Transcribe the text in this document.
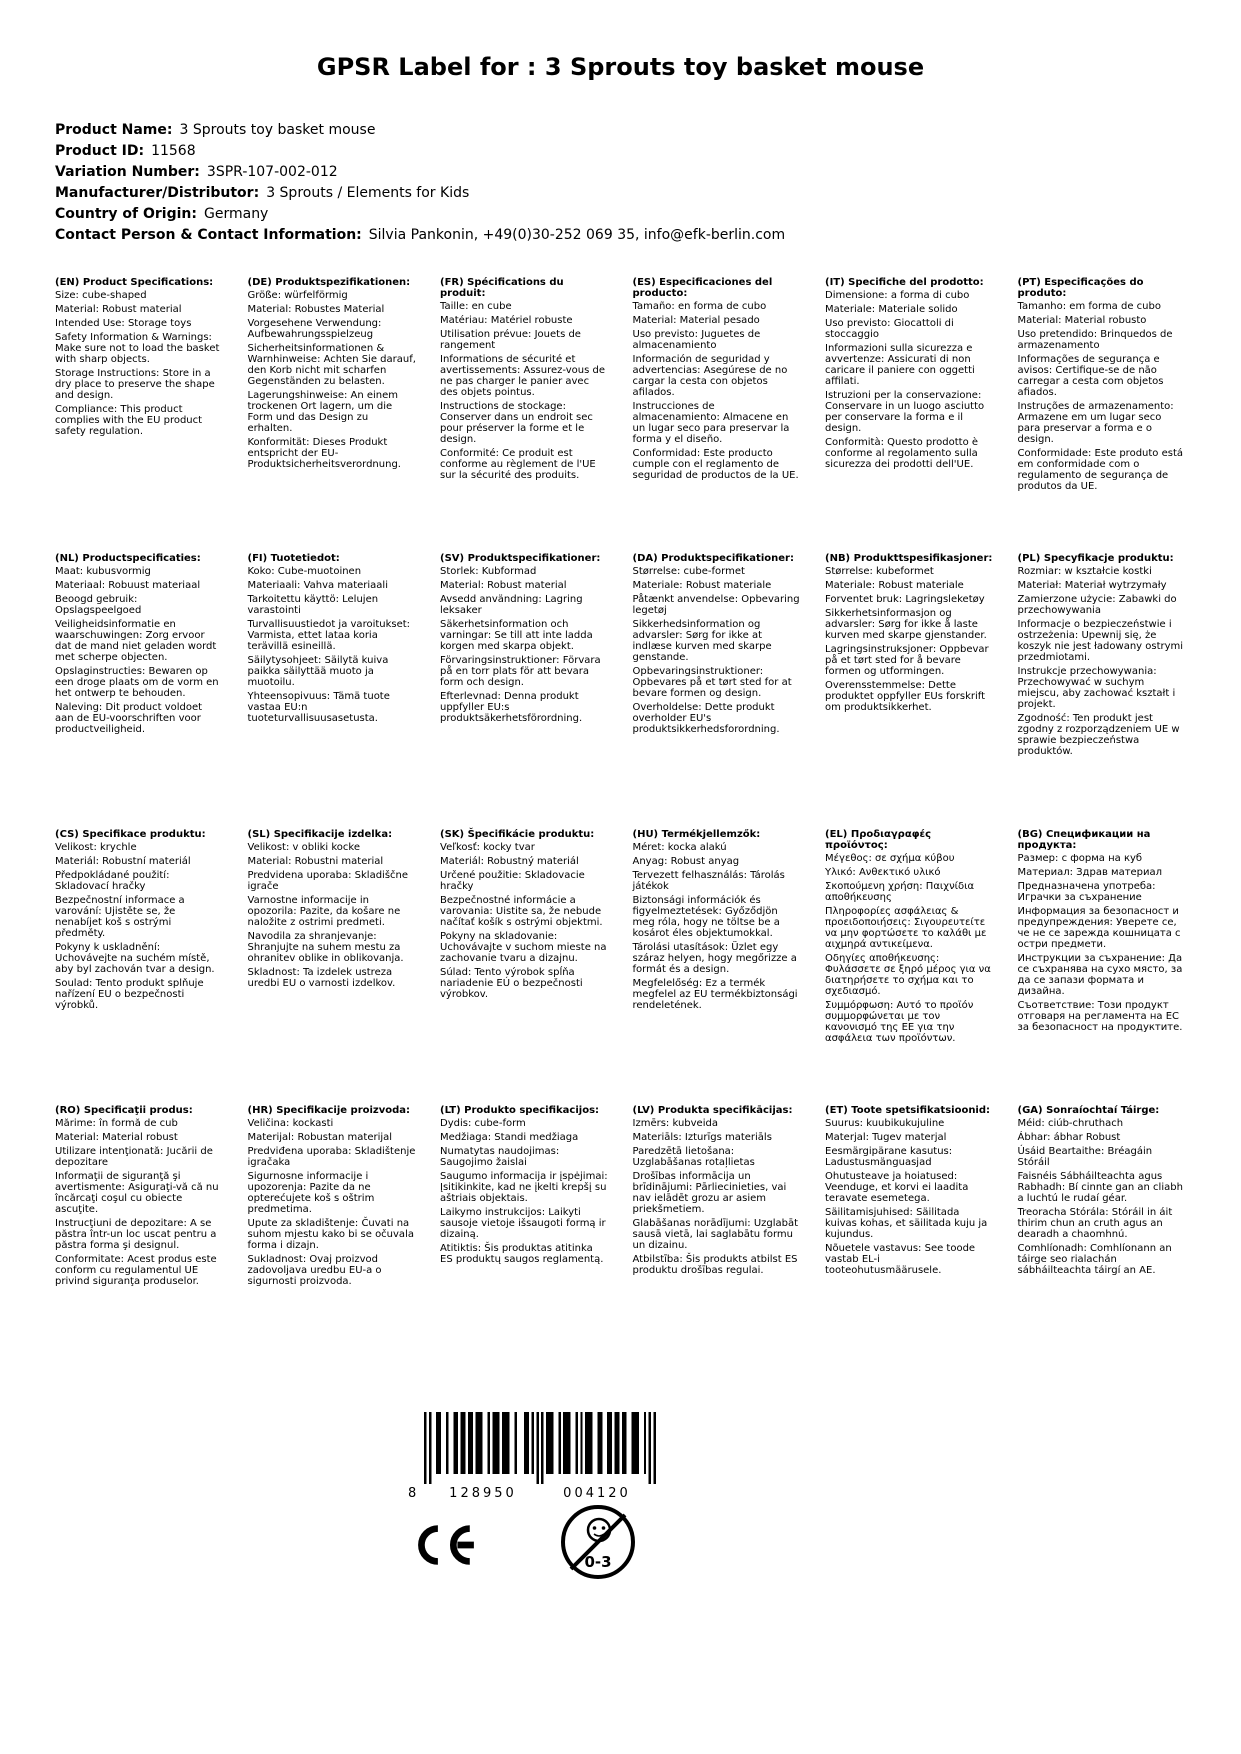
GPSR Label for : 3 Sprouts toy basket mouse
Product Name: 3 Sprouts toy basket mouse
Product ID: 11568
Variation Number: 3SPR-107-002-012
Manufacturer/Distributor: 3 Sprouts / Elements for Kids
Country of Origin: Germany
Contact Person & Contact Information: Silvia Pankonin, +49(0)30-252 069 35, info@efk-berlin.com
(EN) Product Specifications:

Size: cube-shaped

Material: Robust material

Intended Use: Storage toys

Safety Information & Warnings: Make sure not to load the basket with sharp objects.

Storage Instructions: Store in a dry place to preserve the shape and design.

Compliance: This product complies with the EU product safety regulation.

(DE) Produktspezifikationen:

Größe: würfelförmig

Material: Robustes Material

Vorgesehene Verwendung: Aufbewahrungsspielzeug

Sicherheitsinformationen & Warnhinweise: Achten Sie darauf, den Korb nicht mit scharfen Gegenständen zu belasten.

Lagerungshinweise: An einem trockenen Ort lagern, um die Form und das Design zu erhalten.

Konformität: Dieses Produkt entspricht der EU-Produktsicherheitsverordnung.

(FR) Spécifications du produit:

Taille: en cube

Matériau: Matériel robuste

Utilisation prévue: Jouets de rangement

Informations de sécurité et avertissements: Assurez-vous de ne pas charger le panier avec des objets pointus.

Instructions de stockage: Conserver dans un endroit sec pour préserver la forme et le design.

Conformité: Ce produit est conforme au règlement de l'UE sur la sécurité des produits.

(ES) Especificaciones del producto:

Tamaño: en forma de cubo

Material: Material pesado

Uso previsto: Juguetes de almacenamiento

Información de seguridad y advertencias: Asegúrese de no cargar la cesta con objetos afilados.

Instrucciones de almacenamiento: Almacene en un lugar seco para preservar la forma y el diseño.

Conformidad: Este producto cumple con el reglamento de seguridad de productos de la UE.

(IT) Specifiche del prodotto:

Dimensione: a forma di cubo

Materiale: Materiale solido

Uso previsto: Giocattoli di stoccaggio

Informazioni sulla sicurezza e avvertenze: Assicurati di non caricare il paniere con oggetti affilati.

Istruzioni per la conservazione: Conservare in un luogo asciutto per conservare la forma e il design.

Conformità: Questo prodotto è conforme al regolamento sulla sicurezza dei prodotti dell'UE.

(PT) Especificações do produto:

Tamanho: em forma de cubo

Material: Material robusto

Uso pretendido: Brinquedos de armazenamento

Informações de segurança e avisos: Certifique-se de não carregar a cesta com objetos afiados.

Instruções de armazenamento: Armazene em um lugar seco para preservar a forma e o design.

Conformidade: Este produto está em conformidade com o regulamento de segurança de produtos da UE.

(NL) Productspecificaties:

Maat: kubusvormig

Materiaal: Robuust materiaal

Beoogd gebruik: Opslagspeelgoed

Veiligheidsinformatie en waarschuwingen: Zorg ervoor dat de mand niet geladen wordt met scherpe objecten.

Opslaginstructies: Bewaren op een droge plaats om de vorm en het ontwerp te behouden.

Naleving: Dit product voldoet aan de EU-voorschriften voor productveiligheid.

(FI) Tuotetiedot:

Koko: Cube-muotoinen

Materiaali: Vahva materiaali

Tarkoitettu käyttö: Lelujen varastointi

Turvallisuustiedot ja varoitukset: Varmista, ettet lataa koria terävillä esineillä.

Säilytysohjeet: Säilytä kuiva paikka säilyttää muoto ja muotoilu.

Yhteensopivuus: Tämä tuote vastaa EU:n tuoteturvallisuusasetusta.

(SV) Produktspecifikationer:

Storlek: Kubformad

Material: Robust material

Avsedd användning: Lagring leksaker

Säkerhetsinformation och varningar: Se till att inte ladda korgen med skarpa objekt.

Förvaringsinstruktioner: Förvara på en torr plats för att bevara form och design.

Efterlevnad: Denna produkt uppfyller EU:s produktsäkerhetsförordning.

(DA) Produktspecifikationer:

Størrelse: cube-formet

Materiale: Robust materiale

Påtænkt anvendelse: Opbevaring legetøj

Sikkerhedsinformation og advarsler: Sørg for ikke at indlæse kurven med skarpe genstande.

Opbevaringsinstruktioner: Opbevares på et tørt sted for at bevare formen og design.

Overholdelse: Dette produkt overholder EU's produktsikkerhedsforordning.

(NB) Produkttspesifikasjoner:

Størrelse: kubeformet

Materiale: Robust materiale

Forventet bruk: Lagringsleketøy

Sikkerhetsinformasjon og advarsler: Sørg for ikke å laste kurven med skarpe gjenstander.

Lagringsinstruksjoner: Oppbevar på et tørt sted for å bevare formen og utformingen.

Overensstemmelse: Dette produktet oppfyller EUs forskrift om produktsikkerhet.

(PL) Specyfikacje produktu:

Rozmiar: w kształcie kostki

Materiał: Materiał wytrzymały

Zamierzone użycie: Zabawki do przechowywania

Informacje o bezpieczeństwie i ostrzeżenia: Upewnij się, że koszyk nie jest ładowany ostrymi przedmiotami.

Instrukcje przechowywania: Przechowywać w suchym miejscu, aby zachować kształt i projekt.

Zgodność: Ten produkt jest zgodny z rozporządzeniem UE w sprawie bezpieczeństwa produktów.

(CS) Specifikace produktu:

Velikost: krychle

Materiál: Robustní materiál

Předpokládané použití: Skladovací hračky

Bezpečnostní informace a varování: Ujistěte se, že nenabíjet koš s ostrými předměty.

Pokyny k uskladnění: Uchovávejte na suchém místě, aby byl zachován tvar a design.

Soulad: Tento produkt splňuje nařízení EU o bezpečnosti výrobků.

(SL) Specifikacije izdelka:

Velikost: v obliki kocke

Material: Robustni material

Predvidena uporaba: Skladiščne igrače

Varnostne informacije in opozorila: Pazite, da košare ne naložite z ostrimi predmeti.

Navodila za shranjevanje: Shranjujte na suhem mestu za ohranitev oblike in oblikovanja.

Skladnost: Ta izdelek ustreza uredbi EU o varnosti izdelkov.

(SK) Špecifikácie produktu:

Veľkosť: kocky tvar

Materiál: Robustný materiál

Určené použitie: Skladovacie hračky

Bezpečnostné informácie a varovania: Uistite sa, že nebude načítať košík s ostrými objektmi.

Pokyny na skladovanie: Uchovávajte v suchom mieste na zachovanie tvaru a dizajnu.

Súlad: Tento výrobok spĺňa nariadenie EÚ o bezpečnosti výrobkov.

(HU) Termékjellemzők:

Méret: kocka alakú

Anyag: Robust anyag

Tervezett felhasználás: Tárolás játékok

Biztonsági információk és figyelmeztetések: Győződjön meg róla, hogy ne töltse be a kosárot éles objektumokkal.

Tárolási utasítások: Üzlet egy száraz helyen, hogy megőrizze a formát és a design.

Megfelelőség: Ez a termék megfelel az EU termékbiztonsági rendeletének.

(EL) Προδιαγραφές προϊόντος:

Μέγεθος: σε σχήμα κύβου

Υλικό: Ανθεκτικό υλικό

Σκοπούμενη χρήση: Παιχνίδια αποθήκευσης

Πληροφορίες ασφάλειας & προειδοποιήσεις: Σιγουρευτείτε να μην φορτώσετε το καλάθι με αιχμηρά αντικείμενα.

Οδηγίες αποθήκευσης: Φυλάσσετε σε ξηρό μέρος για να διατηρήσετε το σχήμα και το σχεδιασμό.

Συμμόρφωση: Αυτό το προϊόν συμμορφώνεται με τον κανονισμό της ΕΕ για την ασφάλεια των προϊόντων.

(BG) Спецификации на продукта:

Размер: с форма на куб

Материал: Здрав материал

Предназначена употреба: Играчки за съхранение

Информация за безопасност и предупреждения: Уверете се, че не се зарежда кошницата с остри предмети.

Инструкции за съхранение: Да се съхранява на сухо място, за да се запази формата и дизайна.

Съответствие: Този продукт отговаря на регламента на ЕС за безопасност на продуктите.

(RO) Specificaţii produs:

Mărime: în formă de cub

Material: Material robust

Utilizare intenţionată: Jucării de depozitare

Informaţii de siguranţă şi avertismente: Asiguraţi-vă că nu încărcaţi coşul cu obiecte ascuţite.

Instrucţiuni de depozitare: A se păstra într-un loc uscat pentru a păstra forma şi designul.

Conformitate: Acest produs este conform cu regulamentul UE privind siguranţa produselor.

(HR) Specifikacije proizvoda:

Veličina: kockasti

Materijal: Robustan materijal

Predviđena uporaba: Skladištenje igračaka

Sigurnosne informacije i upozorenja: Pazite da ne opterećujete koš s oštrim predmetima.

Upute za skladištenje: Čuvati na suhom mjestu kako bi se očuvala forma i dizajn.

Sukladnost: Ovaj proizvod zadovoljava uredbu EU-a o sigurnosti proizvoda.

(LT) Produkto specifikacijos:

Dydis: cube-form

Medžiaga: Standi medžiaga

Numatytas naudojimas: Saugojimo žaislai

Saugumo informacija ir įspėjimai: Įsitikinkite, kad ne įkelti krepšį su aštriais objektais.

Laikymo instrukcijos: Laikyti sausoje vietoje išsaugoti formą ir dizainą.

Atitiktis: Šis produktas atitinka ES produktų saugos reglamentą.

(LV) Produkta specifikācijas:

Izmērs: kubveida

Materiāls: Izturīgs materiāls

Paredzētā lietošana: Uzglabāšanas rotaļlietas

Drošības informācija un brīdinājumi: Pārliecinieties, vai nav ielādēt grozu ar asiem priekšmetiem.

Glabāšanas norādījumi: Uzglabāt sausā vietā, lai saglabātu formu un dizainu.

Atbilstība: Šis produkts atbilst ES produktu drošības regulai.

(ET) Toote spetsifikatsioonid:

Suurus: kuubikukujuline

Materjal: Tugev materjal

Eesmärgipärane kasutus: Ladustusmänguasjad

Ohutusteave ja hoiatused: Veenduge, et korvi ei laadita teravate esemetega.

Säilitamisjuhised: Säilitada kuivas kohas, et säilitada kuju ja kujundus.

Nõuetele vastavus: See toode vastab EL-i tooteohutusmäärusele.

(GA) Sonraíochtaí Táirge:

Méid: ciúb-chruthach

Ábhar: ábhar Robust

Úsáid Beartaithe: Bréagáin Stóráil

Faisnéis Sábháilteachta agus Rabhadh: Bí cinnte gan an cliabh a luchtú le rudaí géar.

Treoracha Stórála: Stóráil in áit thirim chun an cruth agus an dearadh a chaomhnú.

Comhlíonadh: Comhlíonann an táirge seo rialachán sábháilteachta táirgí an AE.

8	128950	004120
0-3
